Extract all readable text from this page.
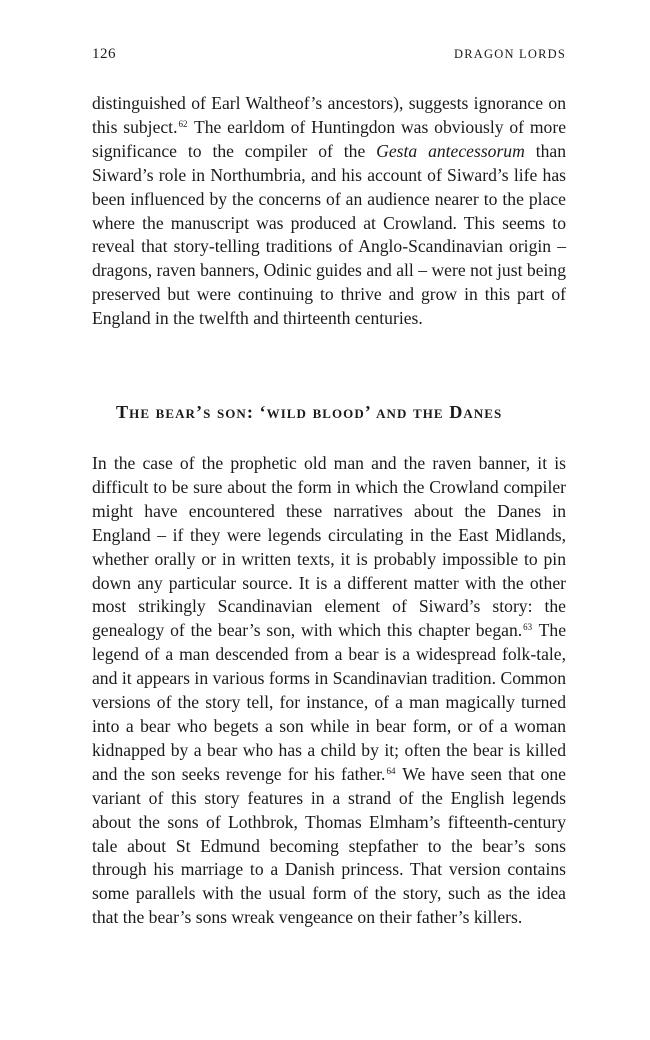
126	DRAGON LORDS

distinguished of Earl Waltheof’s ancestors), suggests ignorance on this subject.$^{62}$ The earldom of Huntingdon was obviously of more significance to the compiler of the Gesta antecessorum than Siward’s role in Northumbria, and his account of Siward’s life has been influenced by the concerns of an audience nearer to the place where the manuscript was produced at Crowland. This seems to reveal that story-telling traditions of Anglo-Scandinavian origin – dragons, raven banners, Odinic guides and all – were not just being preserved but were continuing to thrive and grow in this part of England in the twelfth and thirteenth centuries.

The bear’s son: ‘wild blood’ and the Danes

In the case of the prophetic old man and the raven banner, it is difficult to be sure about the form in which the Crowland compiler might have encountered these narratives about the Danes in England – if they were legends circulating in the East Midlands, whether orally or in written texts, it is probably impossible to pin down any particular source. It is a different matter with the other most strikingly Scandinavian element of Siward’s story: the genealogy of the bear’s son, with which this chapter began.$^{63}$ The legend of a man descended from a bear is a widespread folk-tale, and it appears in various forms in Scandinavian tradition. Common versions of the story tell, for instance, of a man magically turned into a bear who begets a son while in bear form, or of a woman kidnapped by a bear who has a child by it; often the bear is killed and the son seeks revenge for his father.$^{64}$ We have seen that one variant of this story features in a strand of the English legends about the sons of Lothbrok, Thomas Elmham’s fifteenth-century tale about St Edmund becoming stepfather to the bear’s sons through his marriage to a Danish princess. That version contains some parallels with the usual form of the story, such as the idea that the bear’s sons wreak vengeance on their father’s killers.
